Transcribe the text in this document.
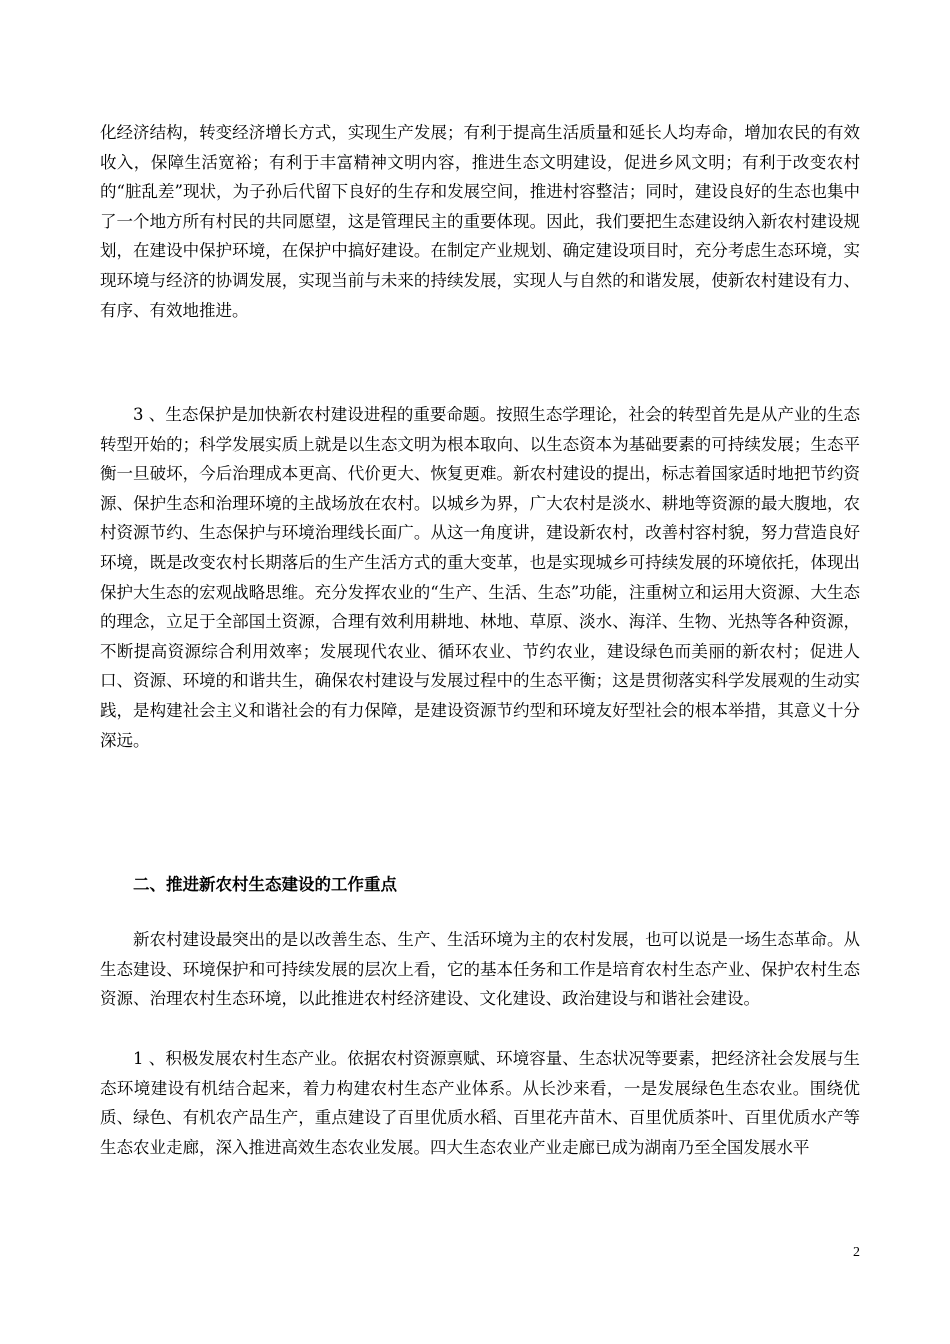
化经济结构，转变经济增长方式，实现生产发展；有利于提高生活质量和延长人均寿命，增加农民的有效收入，保障生活宽裕；有利于丰富精神文明内容，推进生态文明建设，促进乡风文明；有利于改变农村的“脏乱差”现状，为子孙后代留下良好的生存和发展空间，推进村容整洁；同时，建设良好的生态也集中了一个地方所有村民的共同愿望，这是管理民主的重要体现。因此，我们要把生态建设纳入新农村建设规划，在建设中保护环境，在保护中搞好建设。在制定产业规划、确定建设项目时，充分考虑生态环境，实现环境与经济的协调发展，实现当前与未来的持续发展，实现人与自然的和谐发展，使新农村建设有力、有序、有效地推进。

3 、生态保护是加快新农村建设进程的重要命题。按照生态学理论，社会的转型首先是从产业的生态转型开始的；科学发展实质上就是以生态文明为根本取向、以生态资本为基础要素的可持续发展；生态平衡一旦破坏，今后治理成本更高、代价更大、恢复更难。新农村建设的提出，标志着国家适时地把节约资源、保护生态和治理环境的主战场放在农村。以城乡为界，广大农村是淡水、耕地等资源的最大腹地，农村资源节约、生态保护与环境治理线长面广。从这一角度讲，建设新农村，改善村容村貌，努力营造良好环境，既是改变农村长期落后的生产生活方式的重大变革，也是实现城乡可持续发展的环境依托，体现出保护大生态的宏观战略思维。充分发挥农业的“生产、生活、生态”功能，注重树立和运用大资源、大生态的理念，立足于全部国土资源，合理有效利用耕地、林地、草原、淡水、海洋、生物、光热等各种资源，不断提高资源综合利用效率；发展现代农业、循环农业、节约农业，建设绿色而美丽的新农村；促进人口、资源、环境的和谐共生，确保农村建设与发展过程中的生态平衡；这是贯彻落实科学发展观的生动实践，是构建社会主义和谐社会的有力保障，是建设资源节约型和环境友好型社会的根本举措，其意义十分深远。

二、推进新农村生态建设的工作重点

新农村建设最突出的是以改善生态、生产、生活环境为主的农村发展，也可以说是一场生态革命。从生态建设、环境保护和可持续发展的层次上看，它的基本任务和工作是培育农村生态产业、保护农村生态资源、治理农村生态环境，以此推进农村经济建设、文化建设、政治建设与和谐社会建设。

1 、积极发展农村生态产业。依据农村资源禀赋、环境容量、生态状况等要素，把经济社会发展与生态环境建设有机结合起来，着力构建农村生态产业体系。从长沙来看，一是发展绿色生态农业。围绕优质、绿色、有机农产品生产，重点建设了百里优质水稻、百里花卉苗木、百里优质茶叶、百里优质水产等生态农业走廊，深入推进高效生态农业发展。四大生态农业产业走廊已成为湖南乃至全国发展水平

2
